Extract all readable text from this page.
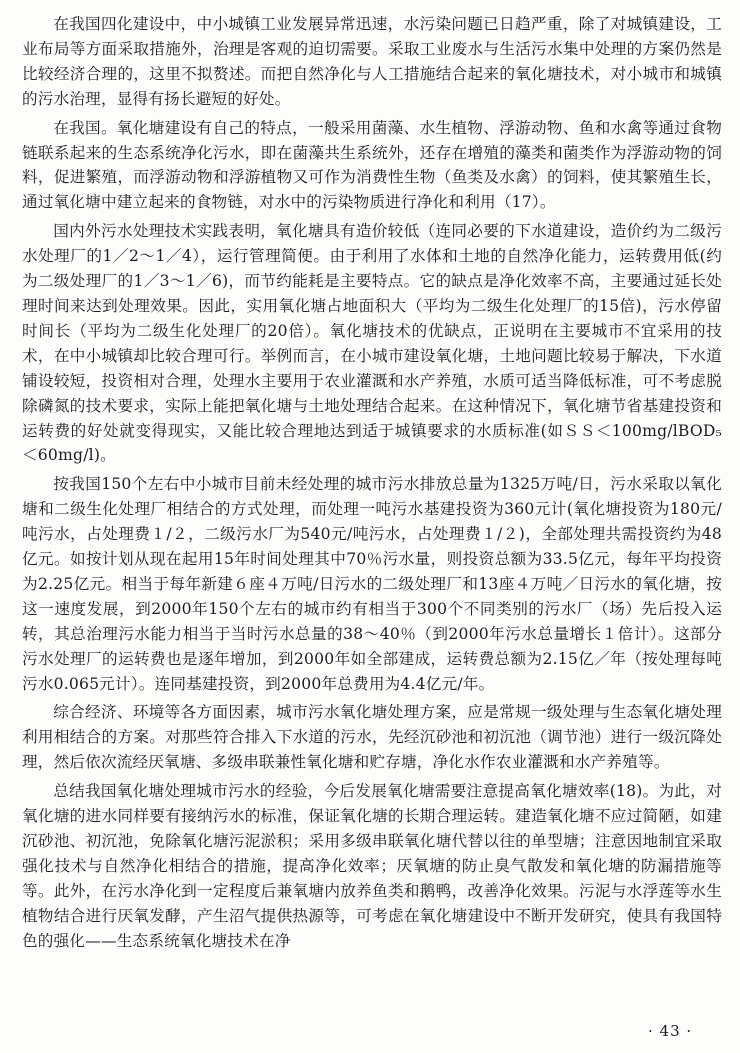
在我国四化建设中，中小城镇工业发展异常迅速，水污染问题已日趋严重，除了对城镇建设，工业布局等方面采取措施外，治理是客观的迫切需要。采取工业废水与生活污水集中处理的方案仍然是比较经济合理的，这里不拟赘述。而把自然净化与人工措施结合起来的氧化塘技术，对小城市和城镇的污水治理，显得有扬长避短的好处。

在我国。氧化塘建设有自己的特点，一般采用菌藻、水生植物、浮游动物、鱼和水禽等通过食物链联系起来的生态系统净化污水，即在菌藻共生系统外，还存在增殖的藻类和菌类作为浮游动物的饲料，促进繁殖，而浮游动物和浮游植物又可作为消费性生物（鱼类及水禽）的饲料，使其繁殖生长，通过氧化塘中建立起来的食物链，对水中的污染物质进行净化和利用（17）。

国内外污水处理技术实践表明，氧化塘具有造价较低（连同必要的下水道建设，造价约为二级污水处理厂的1／2～1／4），运行管理简便。由于利用了水体和土地的自然净化能力，运转费用低(约为二级处理厂的1／3～1／6)，而节约能耗是主要特点。它的缺点是净化效率不高，主要通过延长处理时间来达到处理效果。因此，实用氧化塘占地面积大（平均为二级生化处理厂的15倍)，污水停留时间长（平均为二级生化处理厂的20倍）。氧化塘技术的优缺点，正说明在主要城市不宜采用的技术，在中小城镇却比较合理可行。举例而言，在小城市建设氧化塘，土地问题比较易于解决，下水道铺设较短，投资相对合理，处理水主要用于农业灌溉和水产养殖，水质可适当降低标准，可不考虑脱除磷氮的技术要求，实际上能把氧化塘与土地处理结合起来。在这种情况下，氧化塘节省基建投资和运转费的好处就变得现实，又能比较合理地达到适于城镇要求的水质标准(如ＳＳ＜100mg/lBOD₅＜60mg/l)。

按我国150个左右中小城市目前未经处理的城市污水排放总量为1325万吨/日，污水采取以氧化塘和二级生化处理厂相结合的方式处理，而处理一吨污水基建投资为360元计(氧化塘投资为180元/吨污水，占处理费１/２，二级污水厂为540元/吨污水，占处理费１/２)，全部处理共需投资约为48亿元。如按计划从现在起用15年时间处理其中70％污水量，则投资总额为33.5亿元，每年平均投资为2.25亿元。相当于每年新建６座４万吨/日污水的二级处理厂和13座４万吨／日污水的氧化塘，按这一速度发展，到2000年150个左右的城市约有相当于300个不同类别的污水厂（场）先后投入运转，其总治理污水能力相当于当时污水总量的38～40％（到2000年污水总量增长１倍计）。这部分污水处理厂的运转费也是逐年增加，到2000年如全部建成，运转费总额为2.15亿／年（按处理每吨污水0.065元计）。连同基建投资，到2000年总费用为4.4亿元/年。

综合经济、环境等各方面因素，城市污水氧化塘处理方案，应是常规一级处理与生态氧化塘处理利用相结合的方案。对那些符合排入下水道的污水，先经沉砂池和初沉池（调节池）进行一级沉降处理，然后依次流经厌氧塘、多级串联兼性氧化塘和贮存塘，净化水作农业灌溉和水产养殖等。

总结我国氧化塘处理城市污水的经验，今后发展氧化塘需要注意提高氧化塘效率(18)。为此，对氧化塘的进水同样要有接纳污水的标准，保证氧化塘的长期合理运转。建造氧化塘不应过简陋，如建沉砂池、初沉池，免除氧化塘污泥淤积；采用多级串联氧化塘代替以往的单型塘；注意因地制宜采取强化技术与自然净化相结合的措施，提高净化效率；厌氧塘的防止臭气散发和氧化塘的防漏措施等等。此外，在污水净化到一定程度后兼氧塘内放养鱼类和鹅鸭，改善净化效果。污泥与水浮莲等水生植物结合进行厌氧发酵，产生沼气提供热源等，可考虑在氧化塘建设中不断开发研究，使具有我国特色的强化——生态系统氧化塘技术在净

· 43 ·
